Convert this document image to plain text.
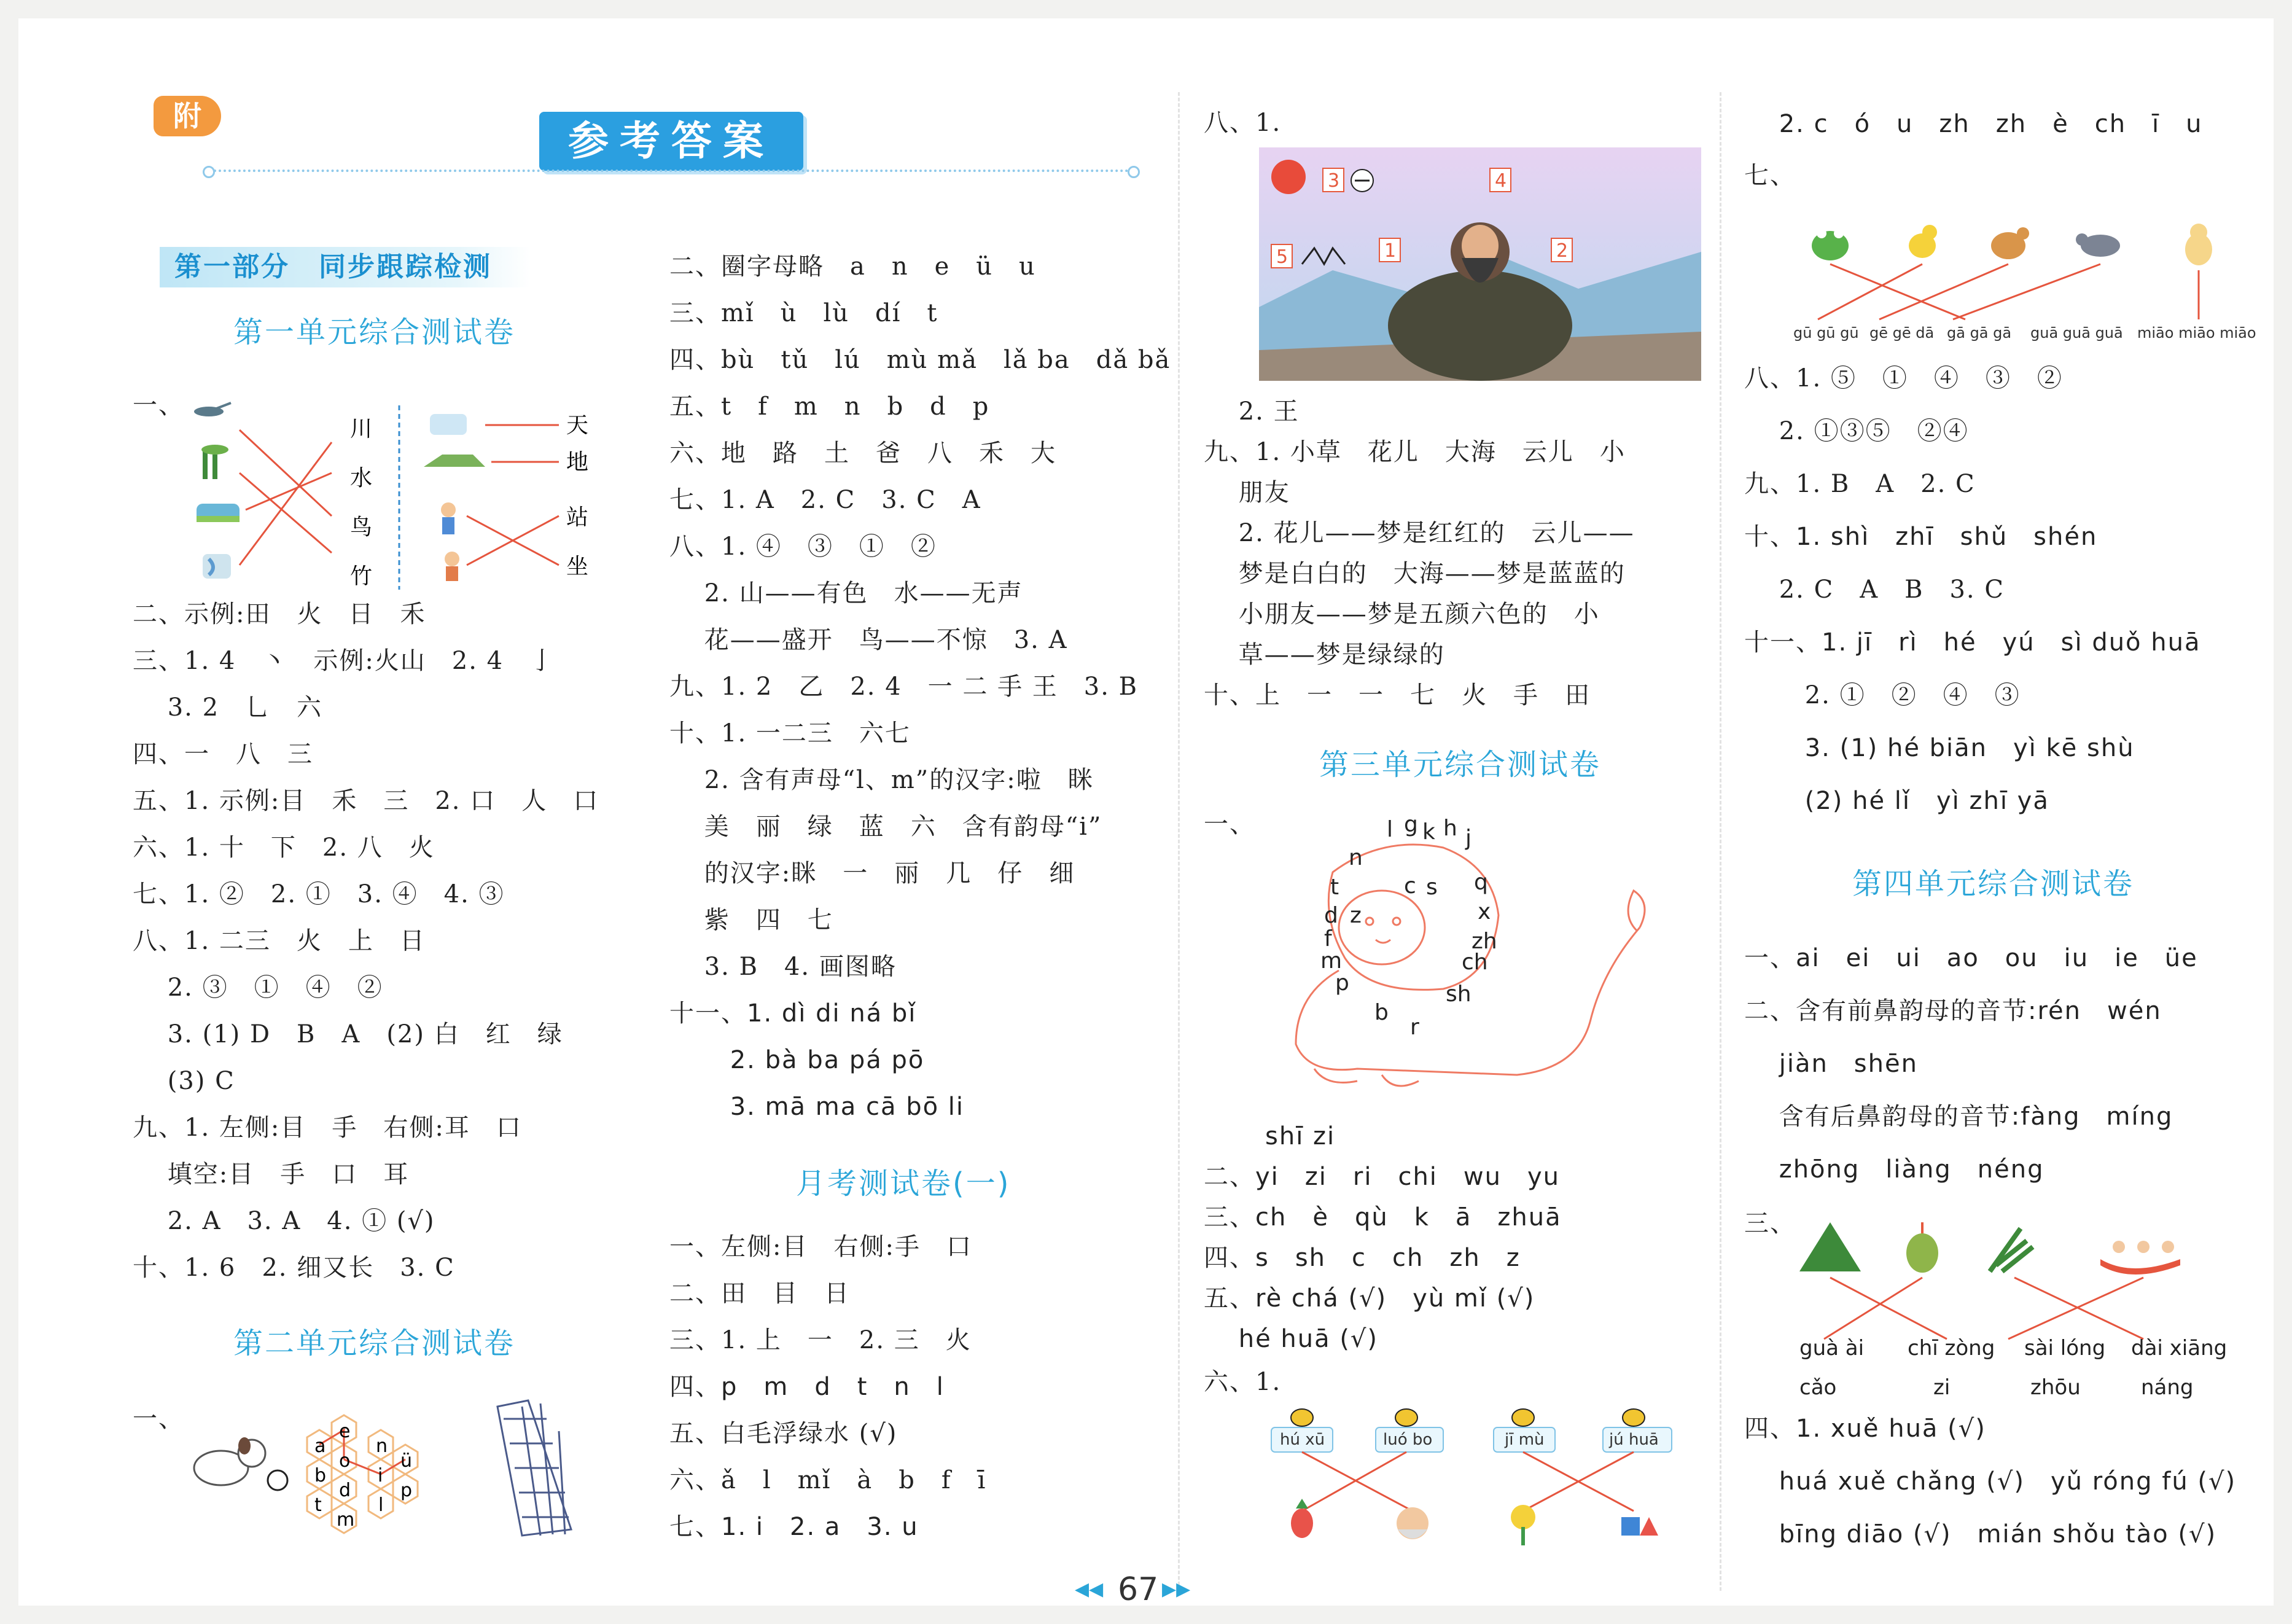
附
参考答案
第一部分　同步跟踪检测
第一单元综合测试卷
一、
川
水
鸟
竹
天
地
站
坐
二、示例:田　火　日　禾
三、1. 4　丶　示例:火山　2. 4　亅
　 3. 2　乚　六
四、一　八　三
五、1. 示例:目　禾　三　2. 口　人　口
六、1. 十　下　2. 八　火
七、1. ②　2. ①　3. ④　4. ③
八、1. 二三　火　上　日
　 2. ③　①　④　②
　 3. (1) D　B　A　(2) 白　红　绿
　 (3) C
九、1. 左侧:目　手　右侧:耳　口
　 填空:目　手　口　耳
　 2. A　3. A　4. ① (√)
十、1. 6　2. 细又长　3. C
第二单元综合测试卷
一、
a
e
n
o
i
ü
b
d	p
t
m
l
二、圈字母略　a　n　e　ü　u
三、mǐ　ù　lù　dí　t
四、bù　tǔ　lú　mù mǎ　lǎ ba　dǎ bǎ
五、t　f　m　n　b　d　p
六、地　路　土　爸　八　禾　大
七、1. A　2. C　3. C　A
八、1. ④　③　①　②
　 2. 山——有色　水——无声
　 花——盛开　鸟——不惊　3. A
九、1. 2　乙　2. 4　一 二 手 王　3. B
十、1. 一二三　六七
　 2. 含有声母“l、m”的汉字:啦　眯
　 美　丽　绿　蓝　六　含有韵母“i”
　 的汉字:眯　一　丽　几　仔　细
　 紫　四　七
　 3. B　4. 画图略
十一、1. dì di ná bǐ
　　 2. bà ba pá pō
　　 3. mā ma cā bō li
月考测试卷(一)
一、左侧:目　右侧:手　口
二、田　目　日
三、1. 上　一　2. 三　火
四、p　m　d　t　n　l
五、白毛浮绿水 (√)
六、ǎ　l　mǐ　à　b　f　ī
七、1. i　2. a　3. u
八、1.
3	4
5	1	2
　 2. 王
九、1. 小草　花儿　大海　云儿　小
　 朋友
　 2. 花儿——梦是红红的　云儿——
　 梦是白白的　大海——梦是蓝蓝的
　 小朋友——梦是五颜六色的　小
　 草——梦是绿绿的
十、上　一　一　七　火　手　田
第三单元综合测试卷
一、	l g k h j
n
t	c s q
d z	x
f	zh
m	ch
p	sh
b
r
shī zi
二、yi　zi　ri　chi　wu　yu
三、ch　è　qù　k　ā　zhuā
四、s　sh　c　ch　zh　z
五、rè chá (√)　yù mǐ (√)
　 hé huā (√)
六、1.
hú xū	luó bo	jī mù	jú huā
　 2. c　ó　u　zh　zh　è　ch　ī　u
七、
gū gū gū gē gē dā gā gā gā guā guā guā miāo miāo miāo
八、1. ⑤　①　④　③　②
　 2. ①③⑤　②④
九、1. B　A　2. C
十、1. shì　zhī　shǔ　shén
　 2. C　A　B　3. C
十一、1. jī　rì　hé　yú　sì duǒ huā
　　 2. ①　②　④　③
　　 3. (1) hé biān　yì kē shù
　　 (2) hé lǐ　yì zhī yā
第四单元综合测试卷
一、ai　ei　ui　ao　ou　iu　ie　üe
二、含有前鼻韵母的音节:rén　wén
　 jiàn　shēn
　 含有后鼻韵母的音节:fàng　míng
　 zhōng　liàng　néng
三、
guà ài chī zòng sài lóng dài xiāng
cǎo	zi	zhōu	náng
四、1. xuě huā (√)
　 huá xuě chǎng (√)　yǔ róng fú (√)
　 bīng diāo (√)　mián shǒu tào (√)
◀◀ 67 ▶▶
